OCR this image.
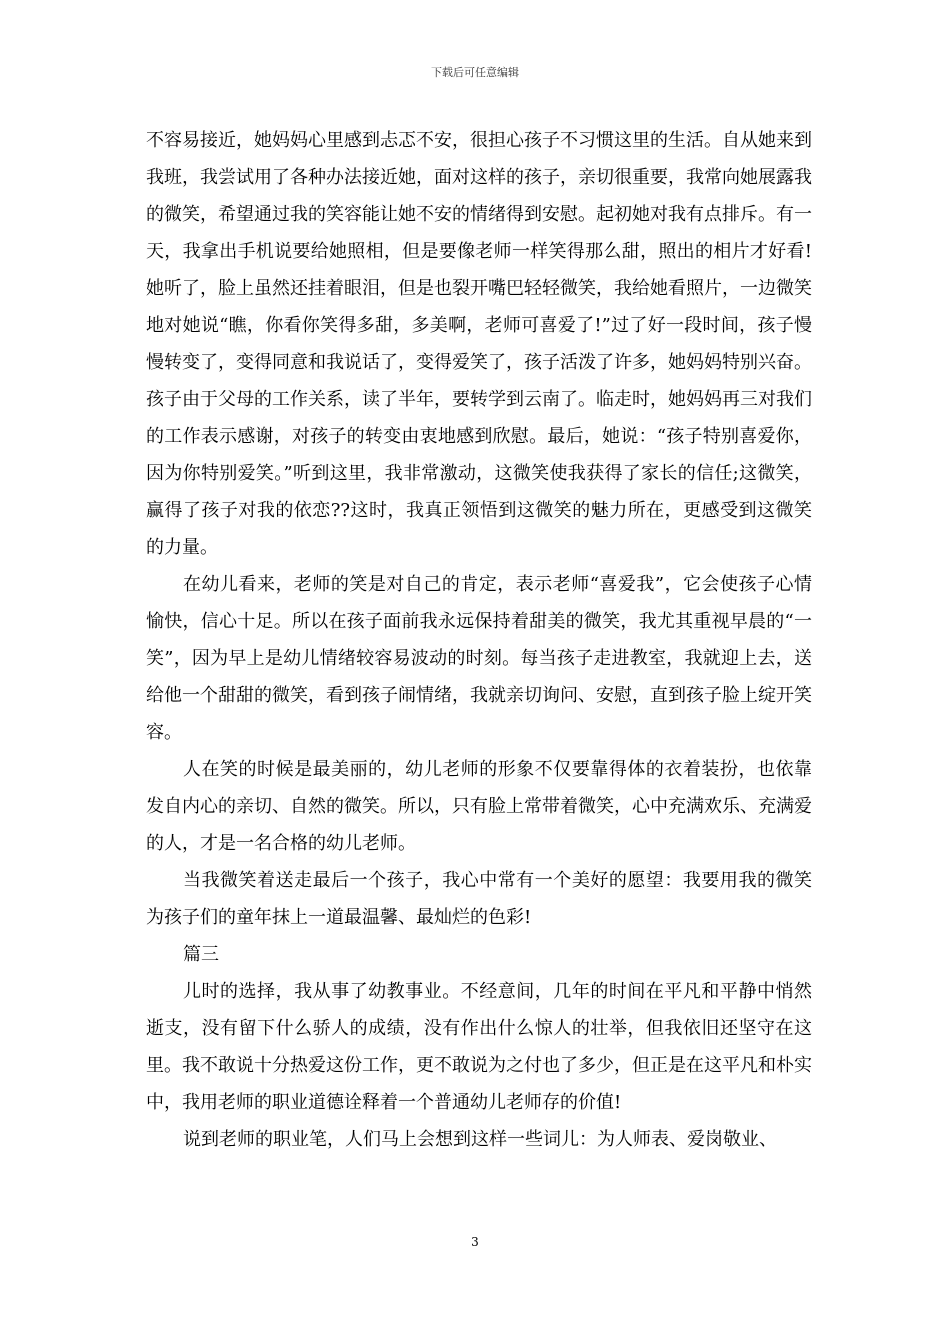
下载后可任意编辑

不容易接近，她妈妈心里感到忐忑不安，很担心孩子不习惯这里的生活。自从她来到我班，我尝试用了各种办法接近她，面对这样的孩子，亲切很重要，我常向她展露我的微笑，希望通过我的笑容能让她不安的情绪得到安慰。起初她对我有点排斥。有一天，我拿出手机说要给她照相，但是要像老师一样笑得那么甜，照出的相片才好看!她听了，脸上虽然还挂着眼泪，但是也裂开嘴巴轻轻微笑，我给她看照片，一边微笑地对她说“瞧，你看你笑得多甜，多美啊，老师可喜爱了!”过了好一段时间，孩子慢慢转变了，变得同意和我说话了，变得爱笑了，孩子活泼了许多，她妈妈特别兴奋。孩子由于父母的工作关系，读了半年，要转学到云南了。临走时，她妈妈再三对我们的工作表示感谢，对孩子的转变由衷地感到欣慰。最后，她说：“孩子特别喜爱你，因为你特别爱笑。”听到这里，我非常激动，这微笑使我获得了家长的信任;这微笑，赢得了孩子对我的依恋??这时，我真正领悟到这微笑的魅力所在，更感受到这微笑的力量。

在幼儿看来，老师的笑是对自己的肯定，表示老师“喜爱我”，它会使孩子心情愉快，信心十足。所以在孩子面前我永远保持着甜美的微笑，我尤其重视早晨的“一笑”，因为早上是幼儿情绪较容易波动的时刻。每当孩子走进教室，我就迎上去，送给他一个甜甜的微笑，看到孩子闹情绪，我就亲切询问、安慰，直到孩子脸上绽开笑容。

人在笑的时候是最美丽的，幼儿老师的形象不仅要靠得体的衣着装扮，也依靠发自内心的亲切、自然的微笑。所以，只有脸上常带着微笑，心中充满欢乐、充满爱的人，才是一名合格的幼儿老师。

当我微笑着送走最后一个孩子，我心中常有一个美好的愿望：我要用我的微笑为孩子们的童年抹上一道最温馨、最灿烂的色彩!

篇三

儿时的选择，我从事了幼教事业。不经意间，几年的时间在平凡和平静中悄然逝支，没有留下什么骄人的成绩，没有作出什么惊人的壮举，但我依旧还坚守在这里。我不敢说十分热爱这份工作，更不敢说为之付也了多少，但正是在这平凡和朴实中，我用老师的职业道德诠释着一个普通幼儿老师存的价值!

说到老师的职业笔，人们马上会想到这样一些词儿：为人师表、爱岗敬业、

3
